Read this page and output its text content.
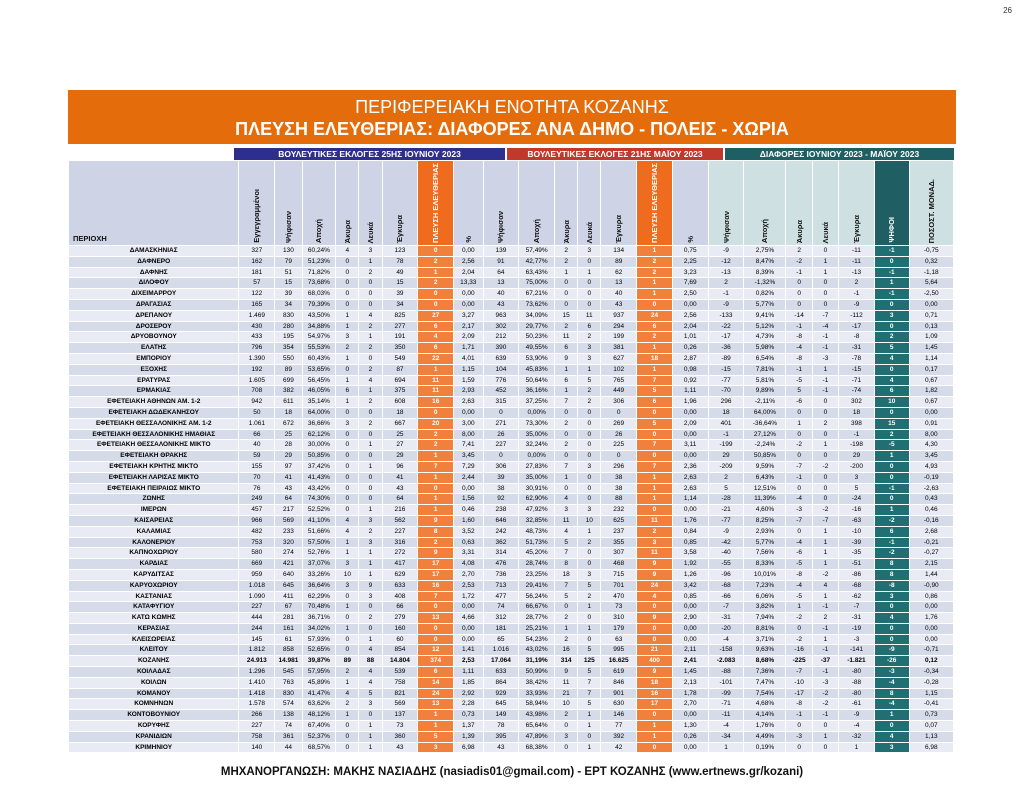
26
ΠΕΡΙΦΕΡΕΙΑΚΗ ΕΝΟΤΗΤΑ ΚΟΖΑΝΗΣ
ΠΛΕΥΣΗ ΕΛΕΥΘΕΡΙΑΣ: ΔΙΑΦΟΡΕΣ ΑΝΑ ΔΗΜΟ - ΠΟΛΕΙΣ - ΧΩΡΙΑ
ΒΟΥΛΕΥΤΙΚΕΣ ΕΚΛΟΓΕΣ 25ΗΣ ΙΟΥΝΙΟΥ 2023	ΒΟΥΛΕΥΤΙΚΕΣ ΕΚΛΟΓΕΣ 21ΗΣ ΜΑΪΟΥ 2023	ΔΙΑΦΟΡΕΣ ΙΟΥΝΙΟΥ 2023 - ΜΑΪΟΥ 2023
ΠΕΡΙΟΧΗ	Εγγεγραμμένοι	Ψήφισαν	Αποχή	Άκυρα	Λευκά	Έγκυρα	ΠΛΕΥΣΗ ΕΛΕΥΘΕΡΙΑΣ	%	Ψήφισαν	Αποχή	Άκυρα	Λευκά	Έγκυρα	ΠΛΕΥΣΗ ΕΛΕΥΘΕΡΙΑΣ	%	Ψήφισαν	Αποχή	Άκυρα	Λευκά	Έγκυρα	ΨΗΦΟΙ	ΠΟΣΟΣΤ. ΜΟΝΑΔ.
ΔΑΜΑΣΚΗΝΙΑΣ	327	130	60,24%	4	3	123	0	0,00	139	57,49%	2	3	134	1	0,75	-9	2,75%	2	0	-11	-1	-0,75
ΔΑΦΝΕΡΟ	162	79	51,23%	0	1	78	2	2,56	91	42,77%	2	0	89	2	2,25	-12	8,47%	-2	1	-11	0	0,32
ΔΑΦΝΗΣ	181	51	71,82%	0	2	49	1	2,04	64	63,43%	1	1	62	2	3,23	-13	8,39%	-1	1	-13	-1	-1,18
ΔΙΛΟΦΟΥ	57	15	73,68%	0	0	15	2	13,33	13	75,00%	0	0	13	1	7,69	2	-1,32%	0	0	2	1	5,64
ΔΙΧΕΙΜΑΡΡΟΥ	122	39	68,03%	0	0	39	0	0,00	40	67,21%	0	0	40	1	2,50	-1	0,82%	0	0	-1	-1	-2,50
ΔΡΑΓΑΣΙΑΣ	165	34	79,39%	0	0	34	0	0,00	43	73,62%	0	0	43	0	0,00	-9	5,77%	0	0	-9	0	0,00
ΔΡΕΠΑΝΟΥ	1.469	830	43,50%	1	4	825	27	3,27	963	34,09%	15	11	937	24	2,56	-133	9,41%	-14	-7	-112	3	0,71
ΔΡΟΣΕΡΟΥ	430	280	34,88%	1	2	277	6	2,17	302	29,77%	2	6	294	6	2,04	-22	5,12%	-1	-4	-17	0	0,13
ΔΡΥΟΒΟΥΝΟΥ	433	195	54,97%	3	1	191	4	2,09	212	50,23%	11	2	199	2	1,01	-17	4,73%	-8	-1	-8	2	1,09
ΕΛΑΤΗΣ	796	354	55,53%	2	2	350	6	1,71	390	49,55%	6	3	381	1	0,26	-36	5,98%	-4	-1	-31	5	1,45
ΕΜΠΟΡΙΟΥ	1.390	550	60,43%	1	0	549	22	4,01	639	53,90%	9	3	627	18	2,87	-89	6,54%	-8	-3	-78	4	1,14
ΕΞΟΧΗΣ	192	89	53,65%	0	2	87	1	1,15	104	45,83%	1	1	102	1	0,98	-15	7,81%	-1	1	-15	0	0,17
ΕΡΑΤΥΡΑΣ	1.605	699	56,45%	1	4	694	11	1,59	776	50,64%	6	5	765	7	0,92	-77	5,81%	-5	-1	-71	4	0,67
ΕΡΜΑΚΙΑΣ	708	382	46,05%	6	1	375	11	2,93	452	36,16%	1	2	449	5	1,11	-70	9,89%	5	-1	-74	6	1,82
ΕΦΕΤΕΙΑΚΗ ΑΘΗΝΩΝ ΑΜ. 1-2	942	611	35,14%	1	2	608	16	2,63	315	37,25%	7	2	306	6	1,96	296	-2,11%	-6	0	302	10	0,67
ΕΦΕΤΕΙΑΚΗ ΔΩΔΕΚΑΝΗΣΟΥ	50	18	64,00%	0	0	18	0	0,00	0	0,00%	0	0	0	0	0,00	18	64,00%	0	0	18	0	0,00
ΕΦΕΤΕΙΑΚΗ ΘΕΣΣΑΛΟΝΙΚΗΣ ΑΜ. 1-2	1.061	672	36,66%	3	2	667	20	3,00	271	73,30%	2	0	269	5	2,09	401	-36,64%	1	2	398	15	0,91
ΕΦΕΤΕΙΑΚΗ ΘΕΣΣΑΛΟΝΙΚΗΣ ΗΜΑΘΙΑΣ	66	25	62,12%	0	0	25	2	8,00	26	35,00%	0	0	26	0	0,00	-1	27,12%	0	0	-1	2	8,00
ΕΦΕΤΕΙΑΚΗ ΘΕΣΣΑΛΟΝΙΚΗΣ ΜΙΚΤΟ	40	28	30,00%	0	1	27	2	7,41	227	32,24%	2	0	225	7	3,11	-199	-2,24%	-2	1	-198	-5	4,30
ΕΦΕΤΕΙΑΚΗ ΘΡΑΚΗΣ	59	29	50,85%	0	0	29	1	3,45	0	0,00%	0	0	0	0	0,00	29	50,85%	0	0	29	1	3,45
ΕΦΕΤΕΙΑΚΗ ΚΡΗΤΗΣ ΜΙΚΤΟ	155	97	37,42%	0	1	96	7	7,29	306	27,83%	7	3	296	7	2,36	-209	9,59%	-7	-2	-200	0	4,93
ΕΦΕΤΕΙΑΚΗ ΛΑΡΙΣΑΣ ΜΙΚΤΟ	70	41	41,43%	0	0	41	1	2,44	39	35,00%	1	0	38	1	2,63	2	6,43%	-1	0	3	0	-0,19
ΕΦΕΤΕΙΑΚΗ ΠΕΙΡΑΙΩΣ ΜΙΚΤΟ	76	43	43,42%	0	0	43	0	0,00	38	30,91%	0	0	38	1	2,63	5	12,51%	0	0	5	-1	-2,63
ΖΩΝΗΣ	249	64	74,30%	0	0	64	1	1,56	92	62,90%	4	0	88	1	1,14	-28	11,39%	-4	0	-24	0	0,43
ΙΜΕΡΩΝ	457	217	52,52%	0	1	216	1	0,46	238	47,92%	3	3	232	0	0,00	-21	4,60%	-3	-2	-16	1	0,46
ΚΑΙΣΑΡΕΙΑΣ	966	569	41,10%	4	3	562	9	1,60	646	32,85%	11	10	625	11	1,76	-77	8,25%	-7	-7	-63	-2	-0,16
ΚΑΛΑΜΙΑΣ	482	233	51,66%	4	2	227	8	3,52	242	48,73%	4	1	237	2	0,84	-9	2,93%	0	1	-10	6	2,68
ΚΑΛΟΝΕΡΙΟΥ	753	320	57,50%	1	3	316	2	0,63	362	51,73%	5	2	355	3	0,85	-42	5,77%	-4	1	-39	-1	-0,21
ΚΑΠΝΟΧΩΡΙΟΥ	580	274	52,76%	1	1	272	9	3,31	314	45,20%	7	0	307	11	3,58	-40	7,56%	-6	1	-35	-2	-0,27
ΚΑΡΔΙΑΣ	669	421	37,07%	3	1	417	17	4,08	476	28,74%	8	0	468	9	1,92	-55	8,33%	-5	1	-51	8	2,15
ΚΑΡΥΔΙΤΣΑΣ	959	640	33,26%	10	1	629	17	2,70	736	23,25%	18	3	715	9	1,26	-96	10,01%	-8	-2	-86	8	1,44
ΚΑΡΥΟΧΩΡΙΟΥ	1.018	645	36,64%	3	9	633	16	2,53	713	29,41%	7	5	701	24	3,42	-68	7,23%	-4	4	-68	-8	-0,90
ΚΑΣΤΑΝΙΑΣ	1.090	411	62,29%	0	3	408	7	1,72	477	56,24%	5	2	470	4	0,85	-66	6,06%	-5	1	-62	3	0,86
ΚΑΤΑΦΥΓΙΟΥ	227	67	70,48%	1	0	66	0	0,00	74	66,67%	0	1	73	0	0,00	-7	3,82%	1	-1	-7	0	0,00
ΚΑΤΩ ΚΩΜΗΣ	444	281	36,71%	0	2	279	13	4,66	312	28,77%	2	0	310	9	2,90	-31	7,94%	-2	2	-31	4	1,76
ΚΕΡΑΣΙΑΣ	244	161	34,02%	1	0	160	0	0,00	181	25,21%	1	1	179	0	0,00	-20	8,81%	0	-1	-19	0	0,00
ΚΛΕΙΣΩΡΕΙΑΣ	145	61	57,93%	0	1	60	0	0,00	65	54,23%	2	0	63	0	0,00	-4	3,71%	-2	1	-3	0	0,00
ΚΛΕΙΤΟΥ	1.812	858	52,65%	0	4	854	12	1,41	1.016	43,02%	16	5	995	21	2,11	-158	9,63%	-16	-1	-141	-9	-0,71
ΚΟΖΑΝΗΣ	24.913	14.981	39,87%	89	88	14.804	374	2,53	17.064	31,19%	314	125	16.625	400	2,41	-2.083	8,68%	-225	-37	-1.821	-26	0,12
ΚΟΙΛΑΔΑΣ	1.296	545	57,95%	2	4	539	6	1,11	633	50,99%	9	5	619	9	1,45	-88	7,36%	-7	-1	-80	-3	-0,34
ΚΟΙΛΩΝ	1.410	763	45,89%	1	4	758	14	1,85	864	38,42%	11	7	846	18	2,13	-101	7,47%	-10	-3	-88	-4	-0,28
ΚΟΜΑΝΟΥ	1.418	830	41,47%	4	5	821	24	2,92	929	33,93%	21	7	901	16	1,78	-99	7,54%	-17	-2	-80	8	1,15
ΚΟΜΝΗΝΩΝ	1.578	574	63,62%	2	3	569	13	2,28	645	58,94%	10	5	630	17	2,70	-71	4,68%	-8	-2	-61	-4	-0,41
ΚΟΝΤΟΒΟΥΝΙΟΥ	266	138	48,12%	1	0	137	1	0,73	149	43,98%	2	1	146	0	0,00	-11	4,14%	-1	-1	-9	1	0,73
ΚΟΡΥΦΗΣ	227	74	67,40%	0	1	73	1	1,37	78	65,64%	0	1	77	1	1,30	-4	1,76%	0	0	-4	0	0,07
ΚΡΑΝΙΔΙΩΝ	758	361	52,37%	0	1	360	5	1,39	395	47,89%	3	0	392	1	0,26	-34	4,49%	-3	1	-32	4	1,13
ΚΡΙΜΗΝΙΟΥ	140	44	68,57%	0	1	43	3	6,98	43	68,38%	0	1	42	0	0,00	1	0,19%	0	0	1	3	6,98
ΜΗΧΑΝΟΡΓΑΝΩΣΗ: ΜΑΚΗΣ ΝΑΣΙΑΔΗΣ (nasiadis01@gmail.com) - ΕΡΤ ΚΟΖΑΝΗΣ (www.ertnews.gr/kozani)
